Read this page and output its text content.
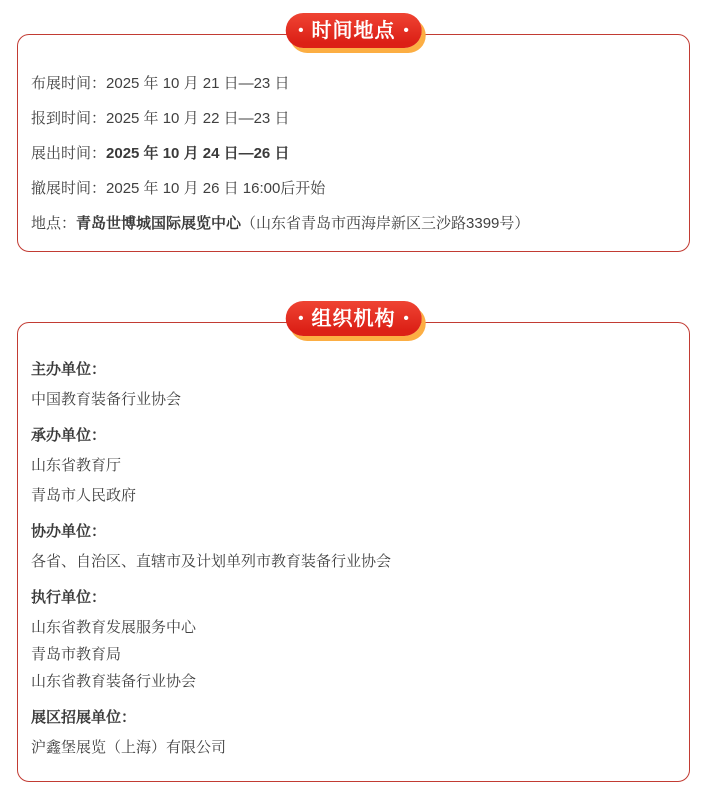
• 时间地点 •

布展时间：2025 年 10 月 21 日—23 日

报到时间：2025 年 10 月 22 日—23 日

展出时间：2025 年 10 月 24 日—26 日

撤展时间：2025 年 10 月 26 日 16:00后开始

地点：青岛世博城国际展览中心（山东省青岛市西海岸新区三沙路3399号）

• 组织机构 •

主办单位：

中国教育装备行业协会

承办单位：

山东省教育厅

青岛市人民政府

协办单位：

各省、自治区、直辖市及计划单列市教育装备行业协会

执行单位：

山东省教育发展服务中心

青岛市教育局

山东省教育装备行业协会

展区招展单位：

沪鑫堡展览（上海）有限公司
